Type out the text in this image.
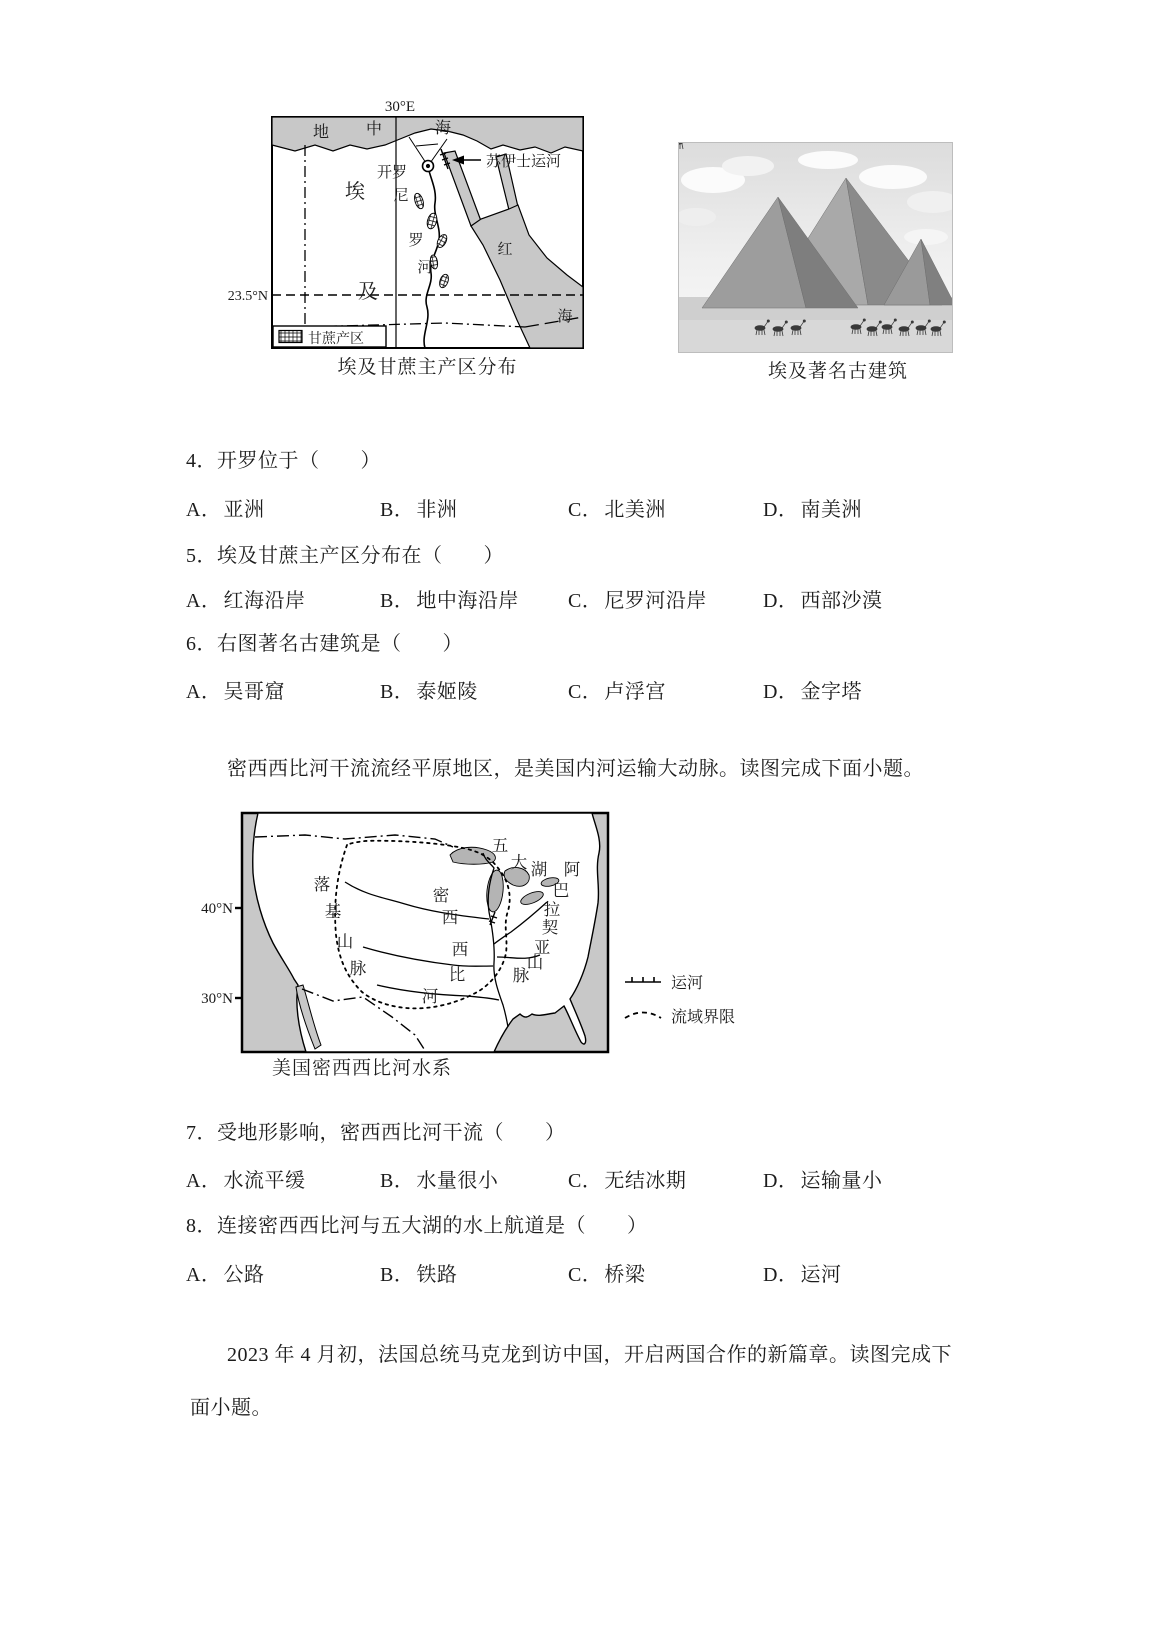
30°E
23.5°N
地 中	海
开罗
苏伊士运河
埃
及
尼
罗
河
红
海
甘蔗产区
埃及甘蔗主产区分布	埃及著名古建筑
4．开罗位于（　　）
A． 亚洲	B． 非洲	C． 北美洲	D． 南美洲
5．埃及甘蔗主产区分布在（　　）
A． 红海沿岸	B． 地中海沿岸 C． 尼罗河沿岸	D． 西部沙漠
6．右图著名古建筑是（　　）
A． 吴哥窟	B． 泰姬陵	C． 卢浮宫	D． 金字塔
密西西比河干流流经平原地区，是美国内河运输大动脉。读图完成下面小题。
40°N
30°N
落
基
山
脉
密
西
西
比
河
五
大 湖 阿
巴
拉
契
亚
山
脉	运河
流域界限
美国密西西比河水系
7．受地形影响，密西西比河干流（　　）
A． 水流平缓	B． 水量很小	C． 无结冰期	D． 运输量小
8．连接密西西比河与五大湖的水上航道是（　　）
A． 公路	B． 铁路	C． 桥梁	D． 运河
2023 年 4 月初，法国总统马克龙到访中国，开启两国合作的新篇章。读图完成下
面小题。
